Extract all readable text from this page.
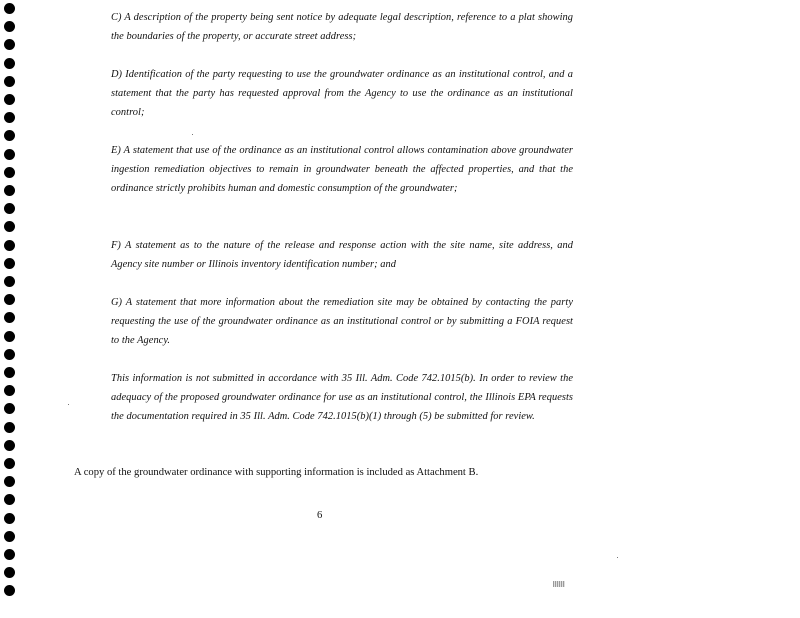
C) A description of the property being sent notice by adequate legal description, reference to a plat showing the boundaries of the property, or accurate street address;

D) Identification of the party requesting to use the groundwater ordinance as an institutional control, and a statement that the party has requested approval from the Agency to use the ordinance as an institutional control;

E) A statement that use of the ordinance as an institutional control allows contamination above groundwater ingestion remediation objectives to remain in groundwater beneath the affected properties, and that the ordinance strictly prohibits human and domestic consumption of the groundwater;

F) A statement as to the nature of the release and response action with the site name, site address, and Agency site number or Illinois inventory identification number; and

G) A statement that more information about the remediation site may be obtained by contacting the party requesting the use of the groundwater ordinance as an institutional control or by submitting a FOIA request to the Agency.

This information is not submitted in accordance with 35 Ill. Adm. Code 742.1015(b). In order to review the adequacy of the proposed groundwater ordinance for use as an institutional control, the Illinois EPA requests the documentation required in 35 Ill. Adm. Code 742.1015(b)(1) through (5) be submitted for review.

A copy of the groundwater ordinance with supporting information is included as Attachment B.

6
